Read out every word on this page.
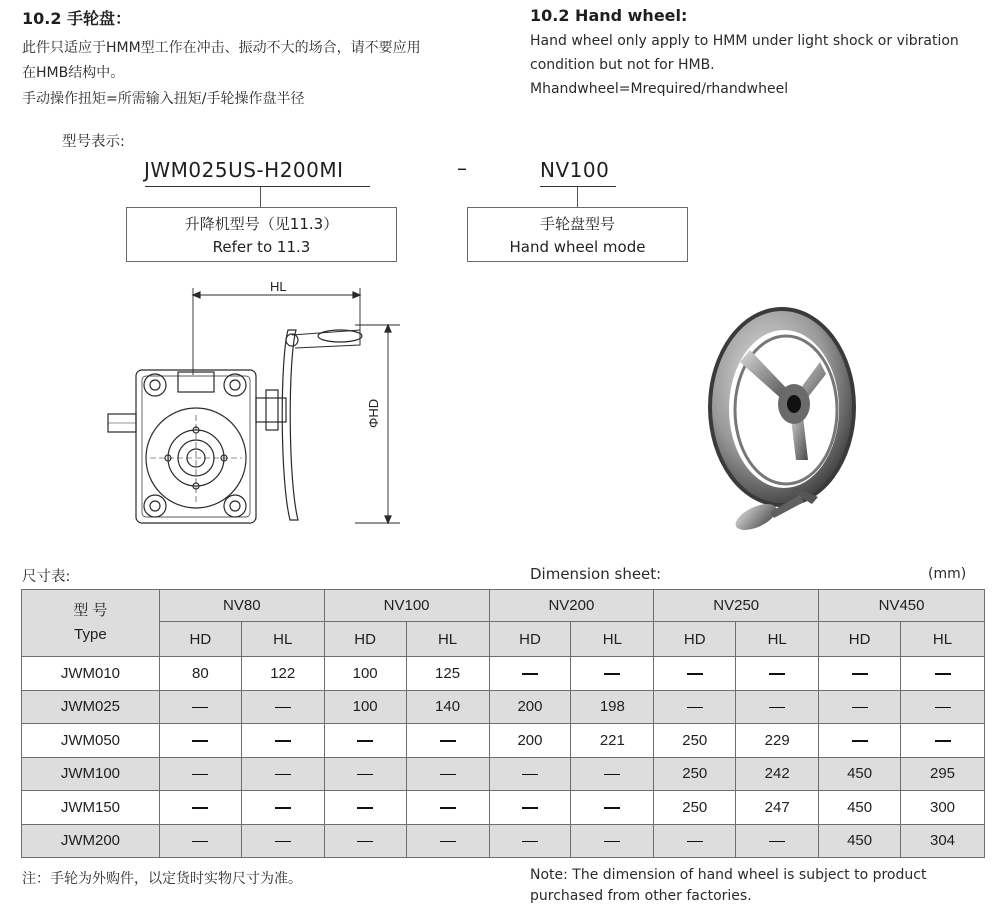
10.2 手轮盘：	10.2 Hand wheel:
此件只适应于HMM型工作在冲击、振动不大的场合，请不要应用
在HMB结构中。
手动操作扭矩=所需输入扭矩/手轮操作盘半径
Hand wheel only apply to HMM under light shock or vibration
condition but not for HMB.
Mhandwheel=Mrequired/rhandwheel
型号表示:
JWM025US-H200MI	–	NV100
升降机型号（见11.3）
Refer to 11.3
手轮盘型号
Hand wheel mode
HL
ΦHD
尺寸表:	Dimension sheet:	(mm)
型 号
Type	NV80		NV100		NV200		NV250		NV450	
	HD	HL	HD	HL	HD	HL	HD	HL	HD	HL
JWM010	80	122	100	125						
JWM025			100	140	200	198				
JWM050					200	221	250	229		
JWM100							250	242	450	295
JWM150							250	247	450	300
JWM200									450	304
注：手轮为外购件，以定货时实物尺寸为准。	Note: The dimension of hand wheel is subject to product
purchased from other factories.
